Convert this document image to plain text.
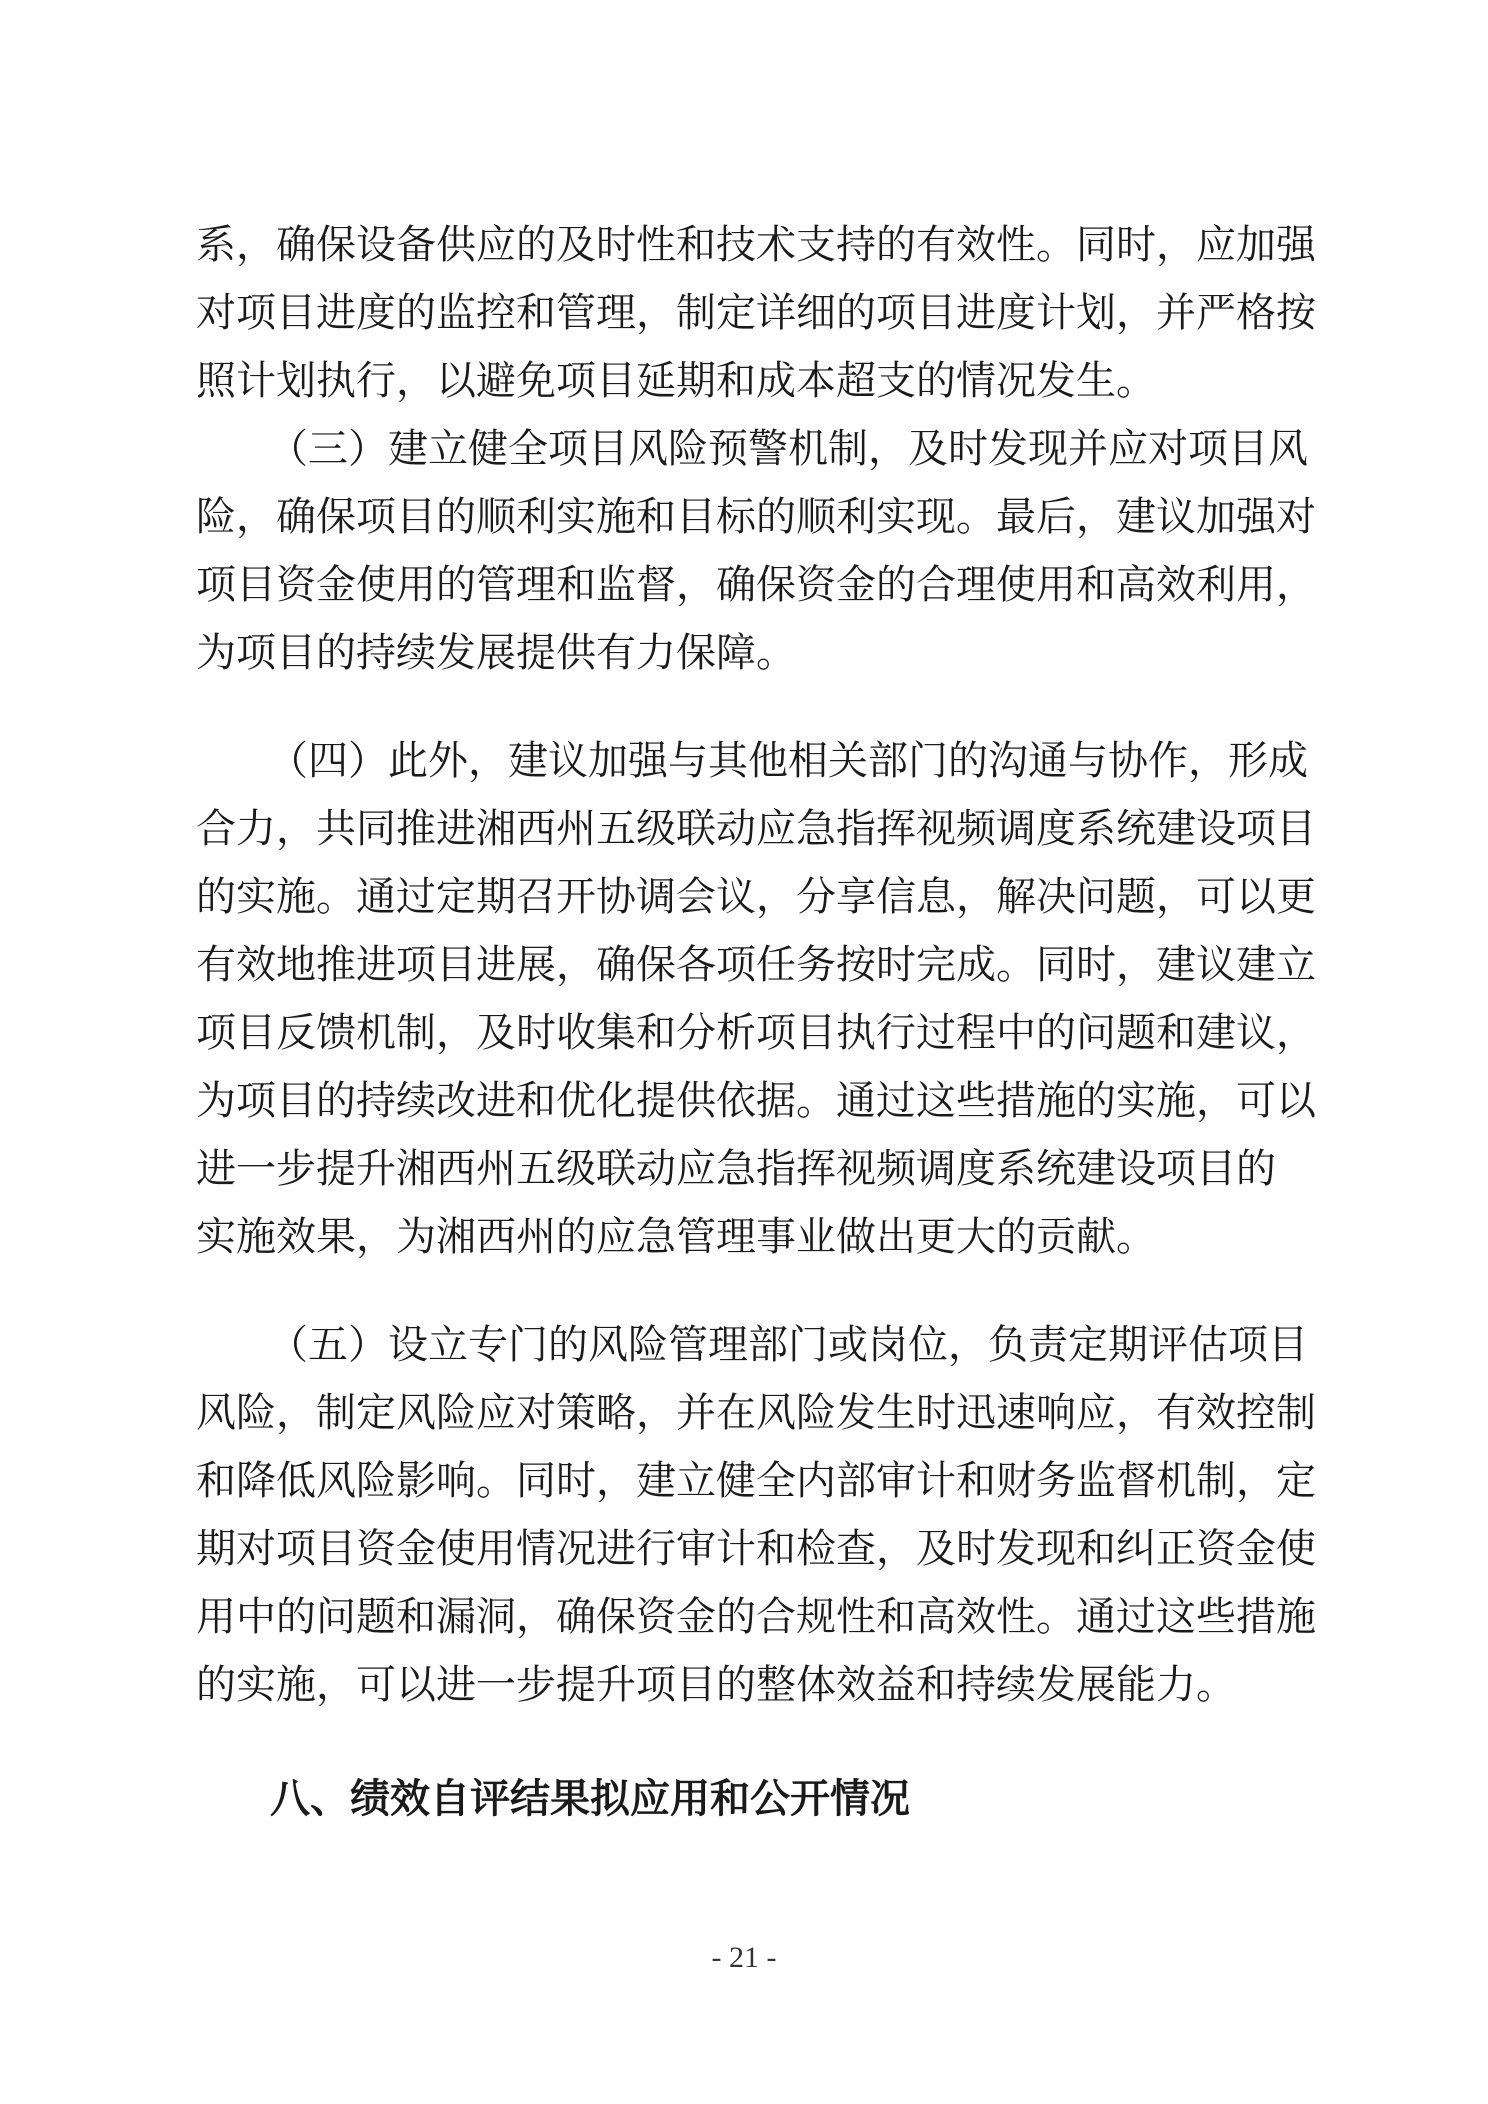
系，确保设备供应的及时性和技术支持的有效性。同时，应加强
对项目进度的监控和管理，制定详细的项目进度计划，并严格按
照计划执行，以避免项目延期和成本超支的情况发生。
（三）建立健全项目风险预警机制，及时发现并应对项目风
险，确保项目的顺利实施和目标的顺利实现。最后，建议加强对
项目资金使用的管理和监督，确保资金的合理使用和高效利用，
为项目的持续发展提供有力保障。
（四）此外，建议加强与其他相关部门的沟通与协作，形成
合力，共同推进湘西州五级联动应急指挥视频调度系统建设项目
的实施。通过定期召开协调会议，分享信息，解决问题，可以更
有效地推进项目进展，确保各项任务按时完成。同时，建议建立
项目反馈机制，及时收集和分析项目执行过程中的问题和建议，
为项目的持续改进和优化提供依据。通过这些措施的实施，可以
进一步提升湘西州五级联动应急指挥视频调度系统建设项目的
实施效果，为湘西州的应急管理事业做出更大的贡献。
（五）设立专门的风险管理部门或岗位，负责定期评估项目
风险，制定风险应对策略，并在风险发生时迅速响应，有效控制
和降低风险影响。同时，建立健全内部审计和财务监督机制，定
期对项目资金使用情况进行审计和检查，及时发现和纠正资金使
用中的问题和漏洞，确保资金的合规性和高效性。通过这些措施
的实施，可以进一步提升项目的整体效益和持续发展能力。
八、绩效自评结果拟应用和公开情况
- 21 -
